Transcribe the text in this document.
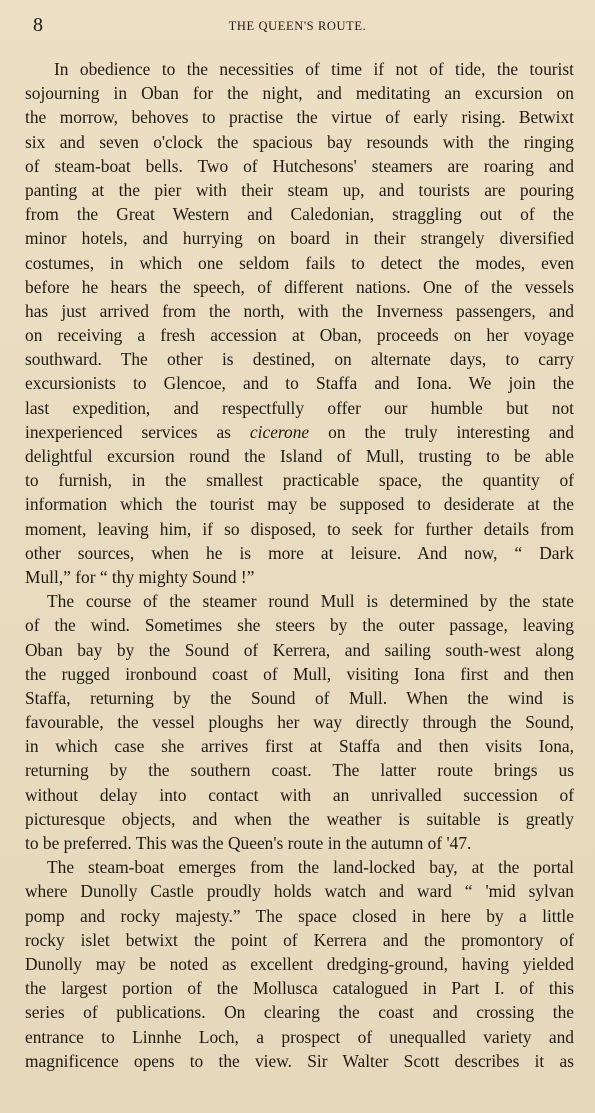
8	THE QUEEN'S ROUTE.
In obedience to the necessities of time if not of tide, the tourist
sojourning in Oban for the night, and meditating an excursion on
the morrow, behoves to practise the virtue of early rising. Betwixt
six and seven o'clock the spacious bay resounds with the ringing
of steam-boat bells. Two of Hutchesons' steamers are roaring and
panting at the pier with their steam up, and tourists are pouring
from the Great Western and Caledonian, straggling out of the
minor hotels, and hurrying on board in their strangely diversified
costumes, in which one seldom fails to detect the modes, even
before he hears the speech, of different nations. One of the vessels
has just arrived from the north, with the Inverness passengers, and
on receiving a fresh accession at Oban, proceeds on her voyage
southward. The other is destined, on alternate days, to carry
excursionists to Glencoe, and to Staffa and Iona. We join the
last expedition, and respectfully offer our humble but not
inexperienced services as cicerone on the truly interesting and
delightful excursion round the Island of Mull, trusting to be able
to furnish, in the smallest practicable space, the quantity of
information which the tourist may be supposed to desiderate at the
moment, leaving him, if so disposed, to seek for further details from
other sources, when he is more at leisure. And now, “ Dark
Mull,” for “ thy mighty Sound !”
The course of the steamer round Mull is determined by the state
of the wind. Sometimes she steers by the outer passage, leaving
Oban bay by the Sound of Kerrera, and sailing south-west along
the rugged ironbound coast of Mull, visiting Iona first and then
Staffa, returning by the Sound of Mull. When the wind is
favourable, the vessel ploughs her way directly through the Sound,
in which case she arrives first at Staffa and then visits Iona,
returning by the southern coast. The latter route brings us
without delay into contact with an unrivalled succession of
picturesque objects, and when the weather is suitable is greatly
to be preferred. This was the Queen's route in the autumn of '47.
The steam-boat emerges from the land-locked bay, at the portal
where Dunolly Castle proudly holds watch and ward “ 'mid sylvan
pomp and rocky majesty.” The space closed in here by a little
rocky islet betwixt the point of Kerrera and the promontory of
Dunolly may be noted as excellent dredging-ground, having yielded
the largest portion of the Mollusca catalogued in Part I. of this
series of publications. On clearing the coast and crossing the
entrance to Linnhe Loch, a prospect of unequalled variety and
magnificence opens to the view. Sir Walter Scott describes it as
